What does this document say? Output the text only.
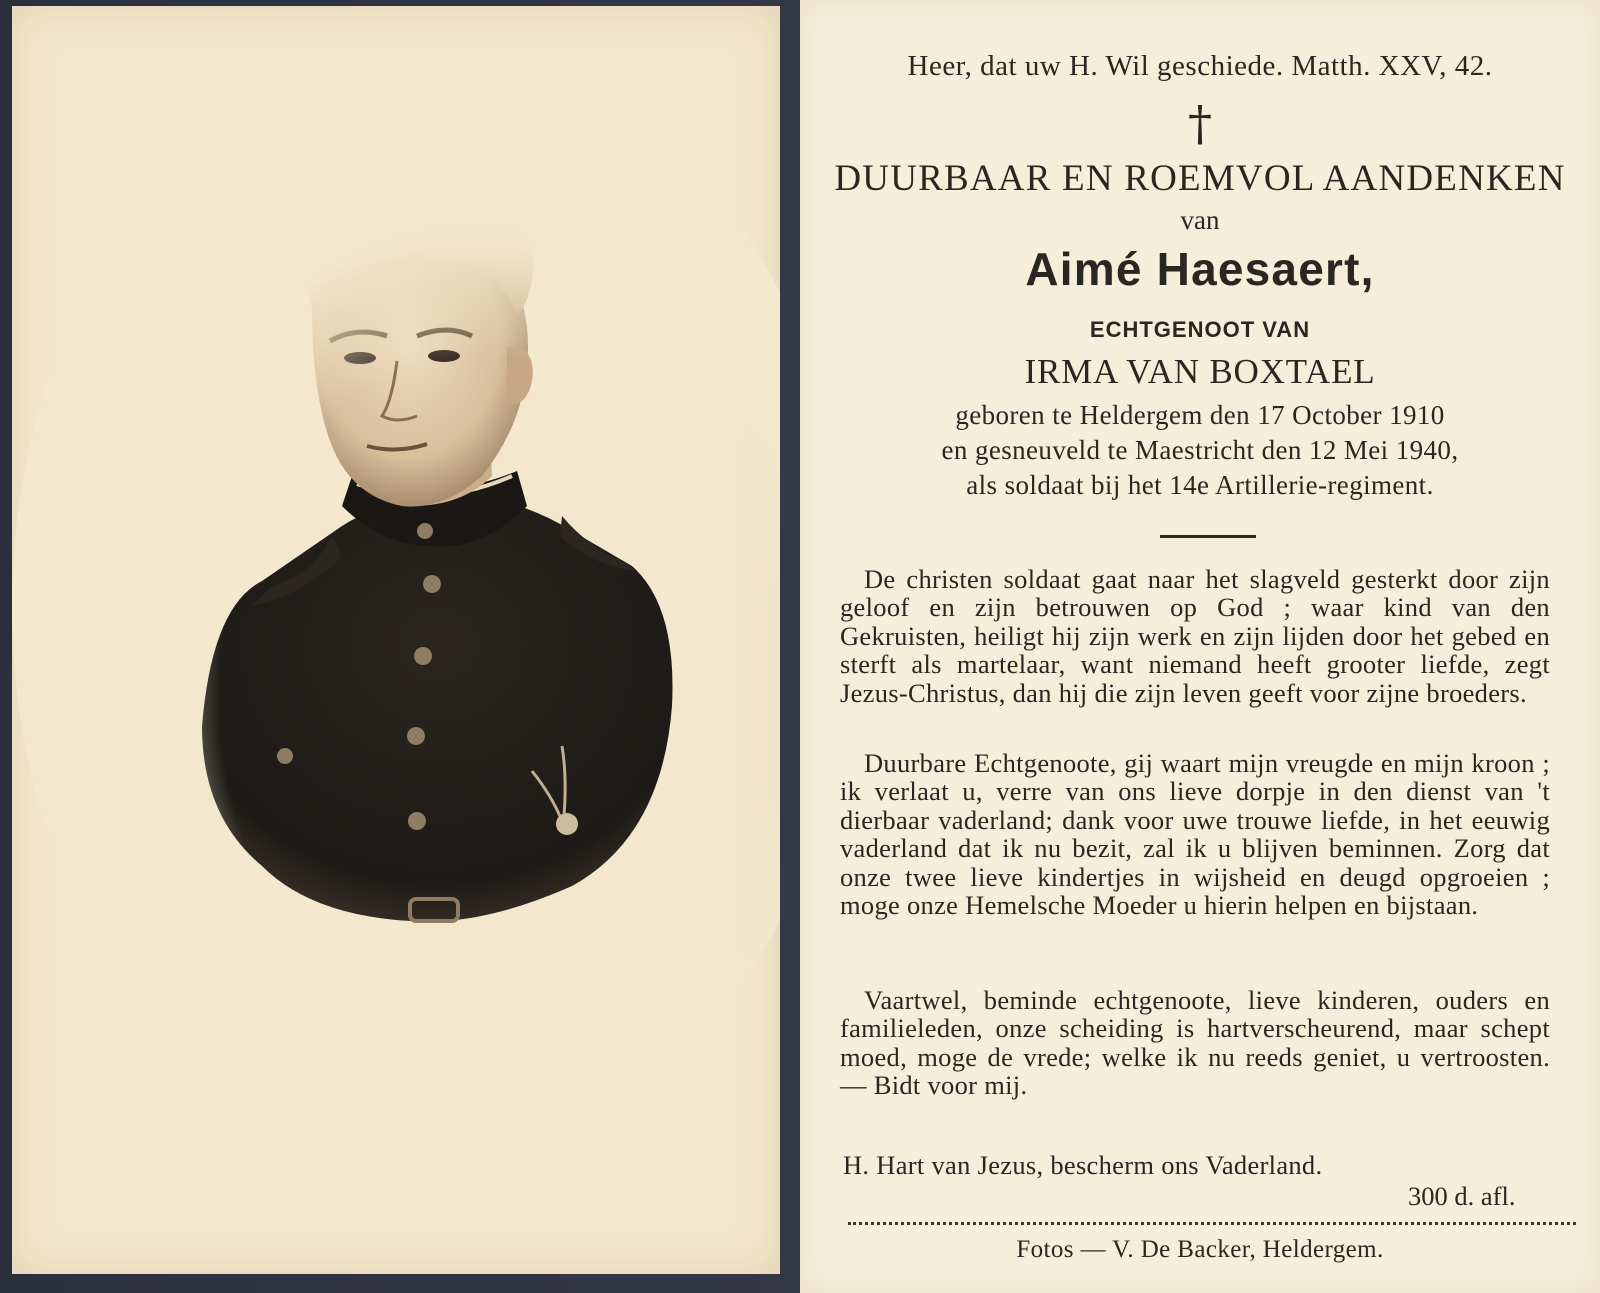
Heer, dat uw H. Wil geschiede. Matth. XXV, 42.
†
DUURBAAR EN ROEMVOL AANDENKEN
van
Aimé Haesaert,
ECHTGENOOT VAN
IRMA VAN BOXTAEL
geboren te Heldergem den 17 October 1910
en gesneuveld te Maestricht den 12 Mei 1940,
als soldaat bij het 14e Artillerie-regiment.
De christen soldaat gaat naar het slagveld gesterkt door zijn geloof en zijn betrouwen op God ; waar kind van den Gekruisten, heiligt hij zijn werk en zijn lijden door het gebed en sterft als martelaar, want niemand heeft grooter liefde, zegt Jezus-Christus, dan hij die zijn leven geeft voor zijne broeders.
Duurbare Echtgenoote, gij waart mijn vreugde en mijn kroon ; ik verlaat u, verre van ons lieve dorpje in den dienst van 't dierbaar vaderland; dank voor uwe trouwe liefde, in het eeuwig vaderland dat ik nu bezit, zal ik u blijven beminnen. Zorg dat onze twee lieve kindertjes in wijsheid en deugd opgroeien ; moge onze Hemelsche Moeder u hierin helpen en bijstaan.
Vaartwel, beminde echtgenoote, lieve kinderen, ouders en familieleden, onze scheiding is hartverscheurend, maar schept moed, moge de vrede; welke ik nu reeds geniet, u vertroosten. — Bidt voor mij.
H. Hart van Jezus, bescherm ons Vaderland.
300 d. afl.
Fotos — V. De Backer, Heldergem.
